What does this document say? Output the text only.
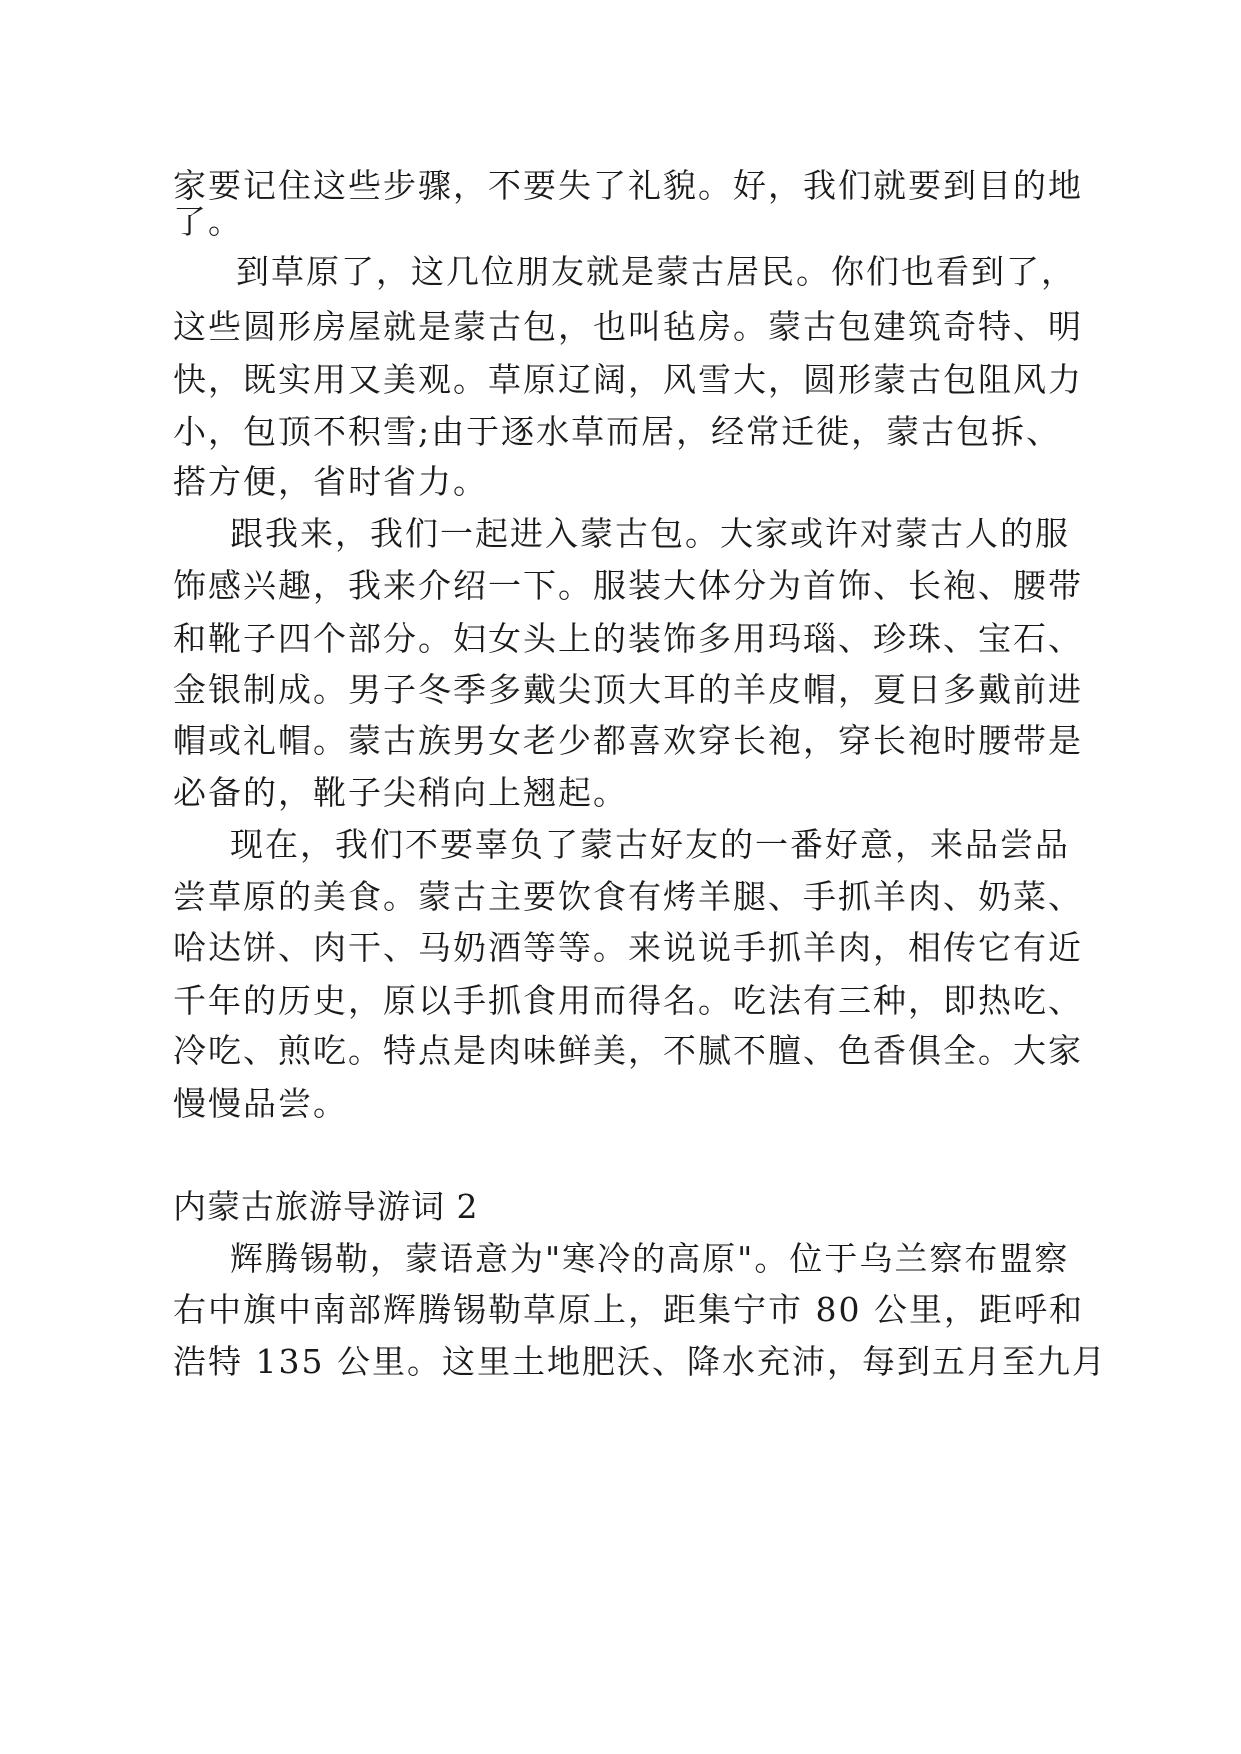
家要记住这些步骤，不要失了礼貌。好，我们就要到目的地

了。

到草原了，这几位朋友就是蒙古居民。你们也看到了，

这些圆形房屋就是蒙古包，也叫毡房。蒙古包建筑奇特、明

快，既实用又美观。草原辽阔，风雪大，圆形蒙古包阻风力

小，包顶不积雪;由于逐水草而居，经常迁徙，蒙古包拆、

搭方便，省时省力。

跟我来，我们一起进入蒙古包。大家或许对蒙古人的服

饰感兴趣，我来介绍一下。服装大体分为首饰、长袍、腰带

和靴子四个部分。妇女头上的装饰多用玛瑙、珍珠、宝石、

金银制成。男子冬季多戴尖顶大耳的羊皮帽，夏日多戴前进

帽或礼帽。蒙古族男女老少都喜欢穿长袍，穿长袍时腰带是

必备的，靴子尖稍向上翘起。

现在，我们不要辜负了蒙古好友的一番好意，来品尝品

尝草原的美食。蒙古主要饮食有烤羊腿、手抓羊肉、奶菜、

哈达饼、肉干、马奶酒等等。来说说手抓羊肉，相传它有近

千年的历史，原以手抓食用而得名。吃法有三种，即热吃、

冷吃、煎吃。特点是肉味鲜美，不腻不膻、色香俱全。大家

慢慢品尝。

内蒙古旅游导游词 2

辉腾锡勒，蒙语意为"寒冷的高原"。位于乌兰察布盟察

右中旗中南部辉腾锡勒草原上，距集宁市 80 公里，距呼和

浩特 135 公里。这里土地肥沃、降水充沛，每到五月至九月
